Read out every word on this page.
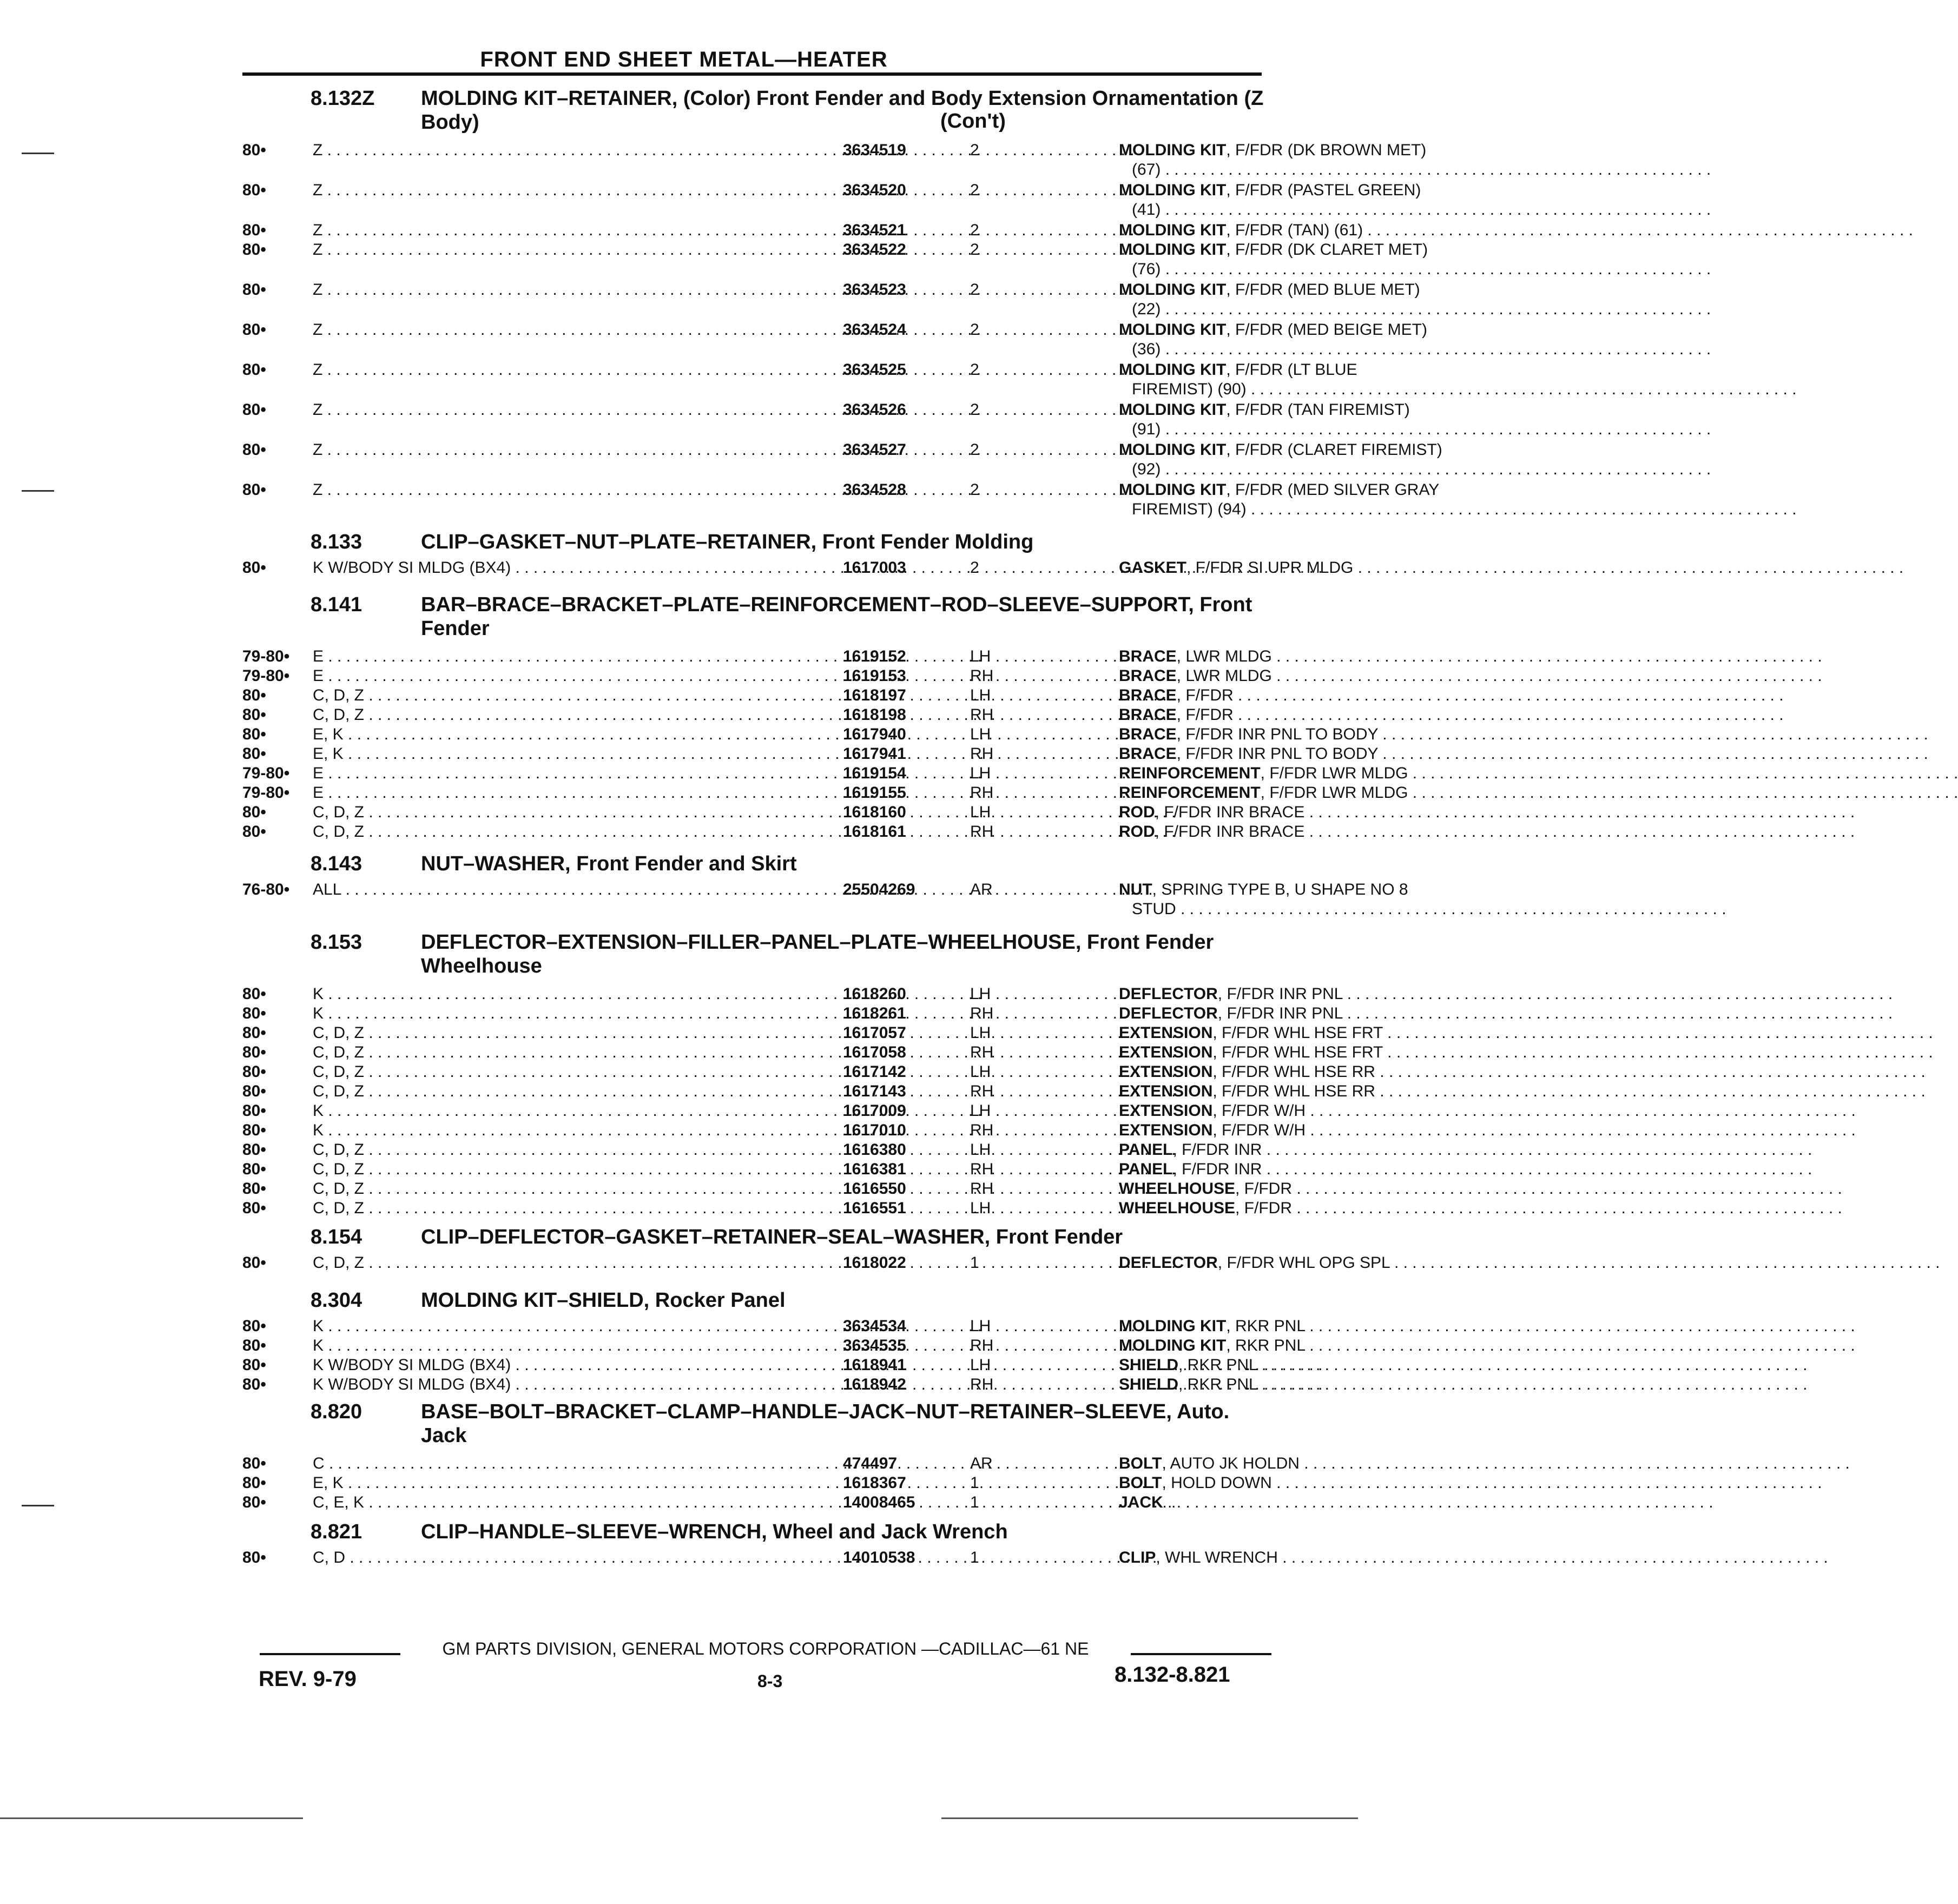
FRONT END SHEET METAL—HEATER
8.132Z MOLDING KIT–RETAINER, (Color) Front Fender and Body Extension Ornamentation (Z Body)	(Con't)
80•	Z . . .	3634519	2	MOLDING KIT, F/FDR (DK BROWN MET)
(67) . . .
80•	Z . . .	3634520	2	MOLDING KIT, F/FDR (PASTEL GREEN)
(41) . . .
80•	Z . . .	3634521	2	MOLDING KIT, F/FDR (TAN) (61) . . .
80•	Z . . .	3634522	2	MOLDING KIT, F/FDR (DK CLARET MET)
(76) . . .
80•	Z . . .	3634523	2	MOLDING KIT, F/FDR (MED BLUE MET)
(22) . . .
80•	Z . . .	3634524	2	MOLDING KIT, F/FDR (MED BEIGE MET)
(36) . . .
80•	Z . . .	3634525	2	MOLDING KIT, F/FDR (LT BLUE
FIREMIST) (90) . . .
80•	Z . . .	3634526	2	MOLDING KIT, F/FDR (TAN FIREMIST)
(91) . . .
80•	Z . . .	3634527	2	MOLDING KIT, F/FDR (CLARET FIREMIST)
(92) . . .
80•	Z . . .	3634528	2	MOLDING KIT, F/FDR (MED SILVER GRAY
FIREMIST) (94) . . .
8.133	CLIP–GASKET–NUT–PLATE–RETAINER, Front Fender Molding
80•	K W/BODY SI MLDG (BX4) . . .	1617003	2	GASKET, F/FDR SI UPR MLDG . . .
8.141	BAR–BRACE–BRACKET–PLATE–REINFORCEMENT–ROD–SLEEVE–SUPPORT, Front Fender
79-80• E . . .	1619152	LH	BRACE, LWR MLDG . . .
79-80• E . . .	1619153	RH	BRACE, LWR MLDG . . .
80•	C, D, Z . . .	1618197	LH	BRACE, F/FDR . . .
80•	C, D, Z . . .	1618198	RH	BRACE, F/FDR . . .
80•	E, K . . .	1617940	LH	BRACE, F/FDR INR PNL TO BODY . . .
80•	E, K . . .	1617941	RH	BRACE, F/FDR INR PNL TO BODY . . .
79-80• E . . .	1619154	LH	REINFORCEMENT, F/FDR LWR MLDG . . .
79-80• E . . .	1619155	RH	REINFORCEMENT, F/FDR LWR MLDG . . .
80•	C, D, Z . . .	1618160	LH	ROD, F/FDR INR BRACE . . .
80•	C, D, Z . . .	1618161	RH	ROD, F/FDR INR BRACE . . .
8.143	NUT–WASHER, Front Fender and Skirt
76-80• ALL . . .	25504269	AR	NUT, SPRING TYPE B, U SHAPE NO 8
STUD . . .
8.153	DEFLECTOR–EXTENSION–FILLER–PANEL–PLATE–WHEELHOUSE, Front Fender Wheelhouse
80•	K . . .	1618260	LH	DEFLECTOR, F/FDR INR PNL . . .
80•	K . . .	1618261	RH	DEFLECTOR, F/FDR INR PNL . . .
80•	C, D, Z . . .	1617057	LH	EXTENSION, F/FDR WHL HSE FRT . . .
80•	C, D, Z . . .	1617058	RH	EXTENSION, F/FDR WHL HSE FRT . . .
80•	C, D, Z . . .	1617142	LH	EXTENSION, F/FDR WHL HSE RR . . .
80•	C, D, Z . . .	1617143	RH	EXTENSION, F/FDR WHL HSE RR . . .
80•	K . . .	1617009	LH	EXTENSION, F/FDR W/H . . .
80•	K . . .	1617010	RH	EXTENSION, F/FDR W/H . . .
80•	C, D, Z . . .	1616380	LH	PANEL, F/FDR INR . . .
80•	C, D, Z . . .	1616381	RH	PANEL, F/FDR INR . . .
80•	C, D, Z . . .	1616550	RH	WHEELHOUSE, F/FDR . . .
80•	C, D, Z . . .	1616551	LH	WHEELHOUSE, F/FDR . . .
8.154	CLIP–DEFLECTOR–GASKET–RETAINER–SEAL–WASHER, Front Fender
80•	C, D, Z . . .	1618022	1	DEFLECTOR, F/FDR WHL OPG SPL . . .
8.304	MOLDING KIT–SHIELD, Rocker Panel
80•	K . . .	3634534	LH	MOLDING KIT, RKR PNL . . .
80•	K . . .	3634535	RH	MOLDING KIT, RKR PNL . . .
80•	K W/BODY SI MLDG (BX4) . . .	1618941	LH	SHIELD, RKR PNL . . .
80•	K W/BODY SI MLDG (BX4) . . .	1618942	RH	SHIELD, RKR PNL . . .
8.820	BASE–BOLT–BRACKET–CLAMP–HANDLE–JACK–NUT–RETAINER–SLEEVE, Auto. Jack
80•	C . . .	474497	AR	BOLT, AUTO JK HOLDN . . .
80•	E, K . . .	1618367	1	BOLT, HOLD DOWN . . .
80•	C, E, K . . .	14008465	1	JACK . . .
8.821	CLIP–HANDLE–SLEEVE–WRENCH, Wheel and Jack Wrench
80•	C, D . . .	14010538	1	CLIP, WHL WRENCH . . .
GM PARTS DIVISION, GENERAL MOTORS CORPORATION —CADILLAC—61 NE
REV. 9-79	8-3	8.132-8.821
